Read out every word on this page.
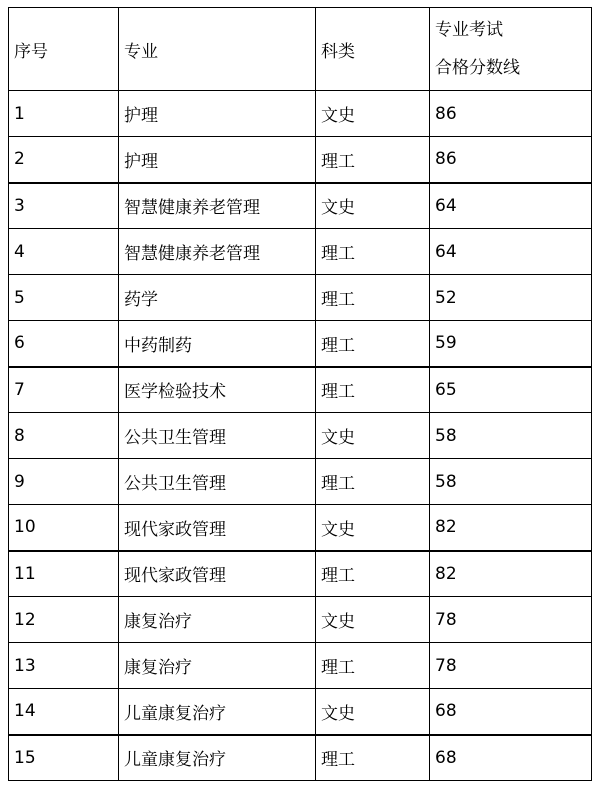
序号	专业	科类	专业考试
合格分数线

1	护理	文史	86
2	护理	理工	86
3	智慧健康养老管理	文史	64
4	智慧健康养老管理	理工	64
5	药学	理工	52
6	中药制药	理工	59
7	医学检验技术	理工	65
8	公共卫生管理	文史	58
9	公共卫生管理	理工	58
10	现代家政管理	文史	82
11	现代家政管理	理工	82
12	康复治疗	文史	78
13	康复治疗	理工	78
14	儿童康复治疗	文史	68
15	儿童康复治疗	理工	68
